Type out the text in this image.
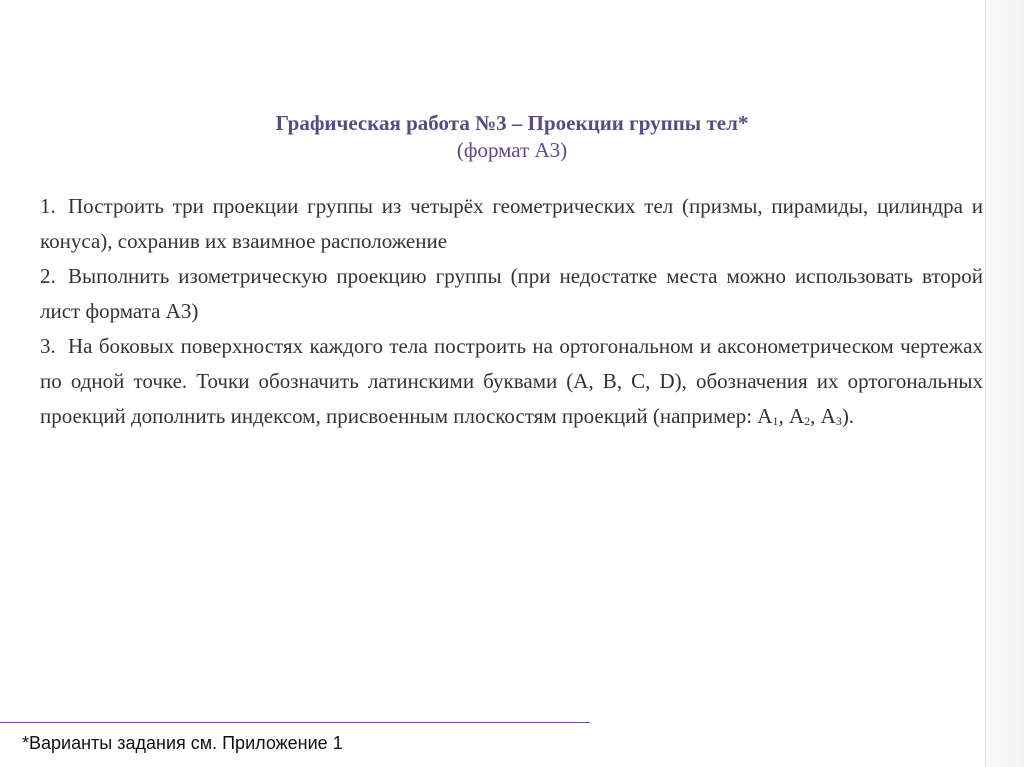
Графическая работа №3 – Проекции группы тел*
(формат А3)

1. Построить три проекции группы из четырёх геометрических тел (призмы, пирамиды, цилиндра и конуса), сохранив их взаимное расположение

2. Выполнить изометрическую проекцию группы (при недостатке места можно использовать второй лист формата А3)

3. На боковых поверхностях каждого тела построить на ортогональном и аксонометрическом чертежах по одной точке. Точки обозначить латинскими буквами (A, B, C, D), обозначения их ортогональных проекций дополнить индексом, присвоенным плоскостям проекций (например: $А_1$, $А_2$, $А_3$).

*Варианты задания см. Приложение 1
